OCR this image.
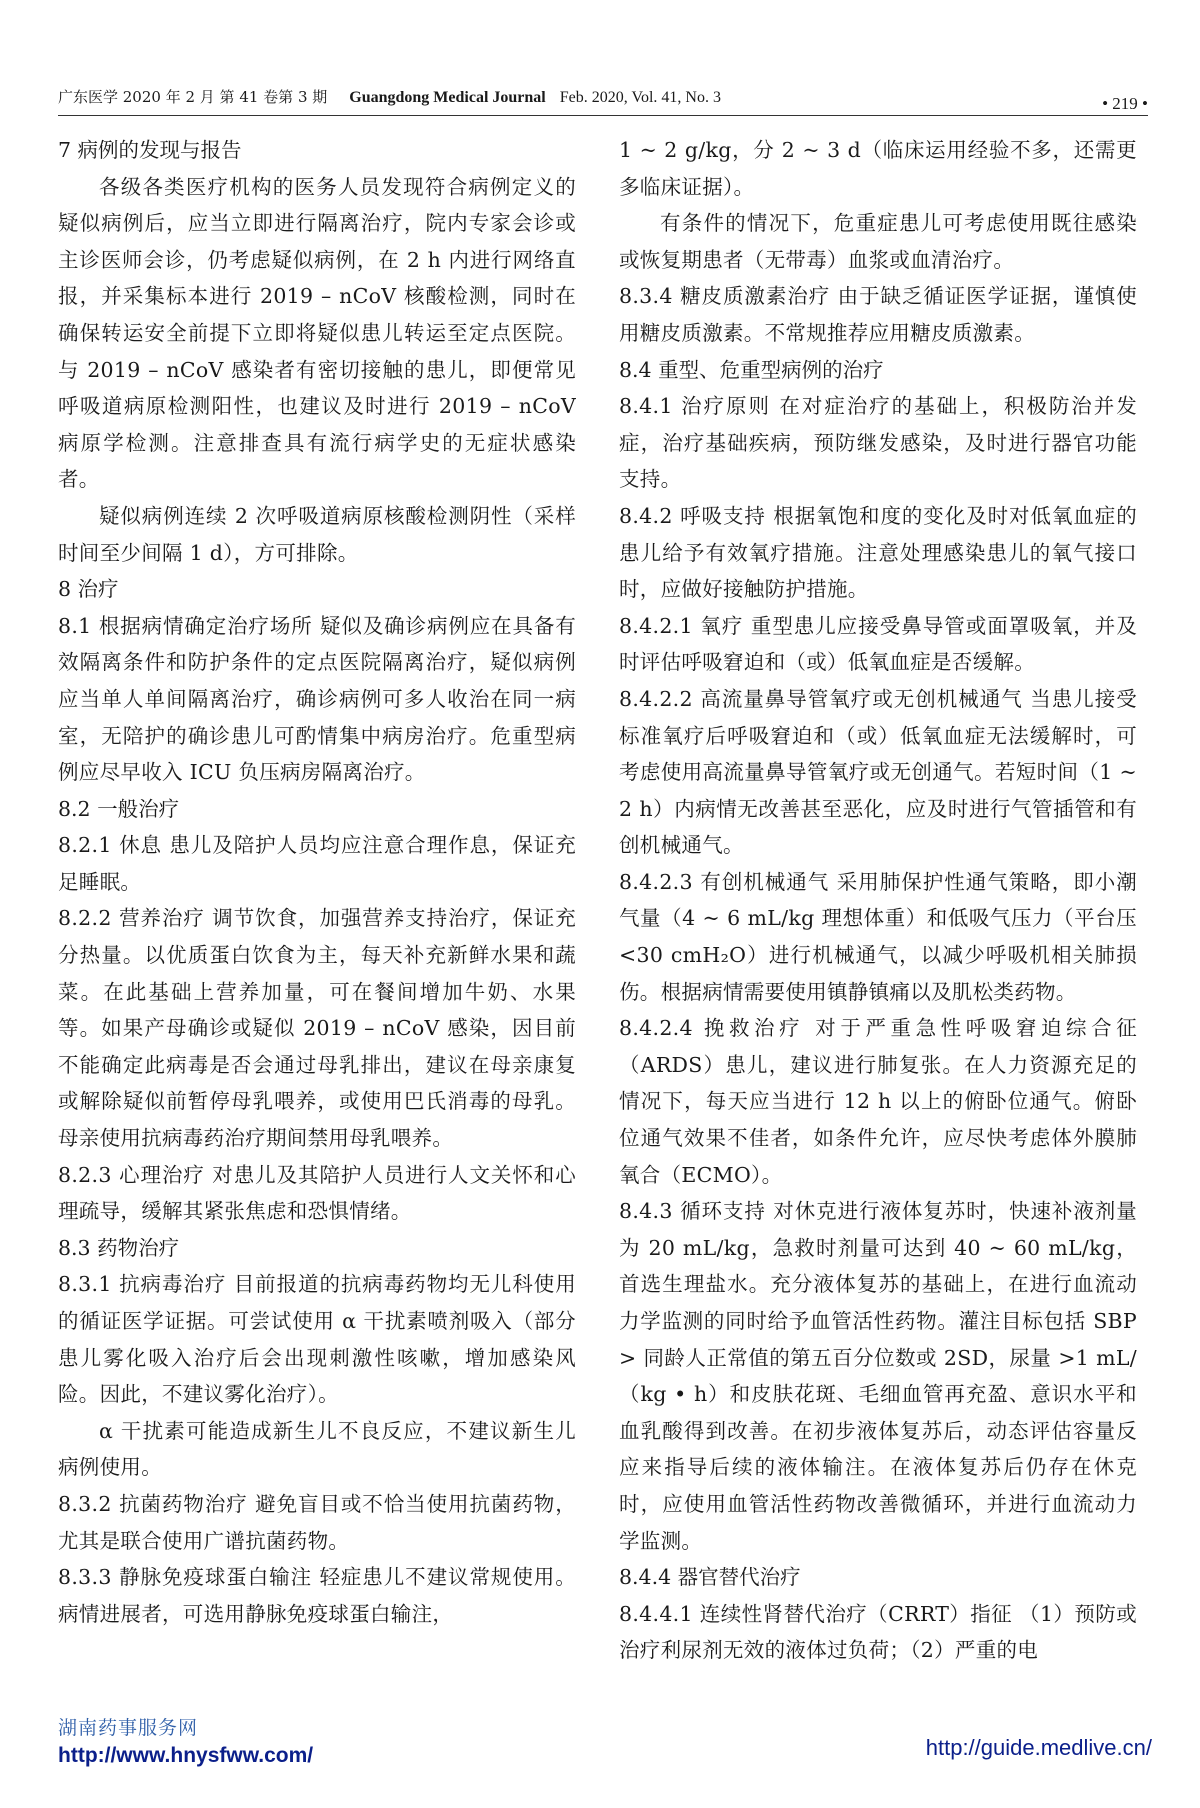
广东医学 2020 年 2 月 第 41 卷第 3 期 Guangdong Medical Journal Feb. 2020, Vol. 41, No. 3	• 219 •
7 病例的发现与报告
各级各类医疗机构的医务人员发现符合病例定义的疑似病例后，应当立即进行隔离治疗，院内专家会诊或主诊医师会诊，仍考虑疑似病例，在 2 h 内进行网络直报，并采集标本进行 2019 – nCoV 核酸检测，同时在确保转运安全前提下立即将疑似患儿转运至定点医院。与 2019 – nCoV 感染者有密切接触的患儿，即便常见呼吸道病原检测阳性，也建议及时进行 2019 – nCoV 病原学检测。注意排查具有流行病学史的无症状感染者。
疑似病例连续 2 次呼吸道病原核酸检测阴性（采样时间至少间隔 1 d），方可排除。
8 治疗
8.1 根据病情确定治疗场所 疑似及确诊病例应在具备有效隔离条件和防护条件的定点医院隔离治疗，疑似病例应当单人单间隔离治疗，确诊病例可多人收治在同一病室，无陪护的确诊患儿可酌情集中病房治疗。危重型病例应尽早收入 ICU 负压病房隔离治疗。
8.2 一般治疗
8.2.1 休息 患儿及陪护人员均应注意合理作息，保证充足睡眠。
8.2.2 营养治疗 调节饮食，加强营养支持治疗，保证充分热量。以优质蛋白饮食为主，每天补充新鲜水果和蔬菜。在此基础上营养加量，可在餐间增加牛奶、水果等。如果产母确诊或疑似 2019 – nCoV 感染，因目前不能确定此病毒是否会通过母乳排出，建议在母亲康复或解除疑似前暂停母乳喂养，或使用巴氏消毒的母乳。母亲使用抗病毒药治疗期间禁用母乳喂养。
8.2.3 心理治疗 对患儿及其陪护人员进行人文关怀和心理疏导，缓解其紧张焦虑和恐惧情绪。
8.3 药物治疗
8.3.1 抗病毒治疗 目前报道的抗病毒药物均无儿科使用的循证医学证据。可尝试使用 α 干扰素喷剂吸入（部分患儿雾化吸入治疗后会出现刺激性咳嗽，增加感染风险。因此，不建议雾化治疗）。
α 干扰素可能造成新生儿不良反应，不建议新生儿病例使用。
8.3.2 抗菌药物治疗 避免盲目或不恰当使用抗菌药物，尤其是联合使用广谱抗菌药物。
8.3.3 静脉免疫球蛋白输注 轻症患儿不建议常规使用。病情进展者，可选用静脉免疫球蛋白输注，
1 ~ 2 g/kg，分 2 ~ 3 d（临床运用经验不多，还需更多临床证据）。
有条件的情况下，危重症患儿可考虑使用既往感染或恢复期患者（无带毒）血浆或血清治疗。
8.3.4 糖皮质激素治疗 由于缺乏循证医学证据，谨慎使用糖皮质激素。不常规推荐应用糖皮质激素。
8.4 重型、危重型病例的治疗
8.4.1 治疗原则 在对症治疗的基础上，积极防治并发症，治疗基础疾病，预防继发感染，及时进行器官功能支持。
8.4.2 呼吸支持 根据氧饱和度的变化及时对低氧血症的患儿给予有效氧疗措施。注意处理感染患儿的氧气接口时，应做好接触防护措施。
8.4.2.1 氧疗 重型患儿应接受鼻导管或面罩吸氧，并及时评估呼吸窘迫和（或）低氧血症是否缓解。
8.4.2.2 高流量鼻导管氧疗或无创机械通气 当患儿接受标准氧疗后呼吸窘迫和（或）低氧血症无法缓解时，可考虑使用高流量鼻导管氧疗或无创通气。若短时间（1 ~ 2 h）内病情无改善甚至恶化，应及时进行气管插管和有创机械通气。
8.4.2.3 有创机械通气 采用肺保护性通气策略，即小潮气量（4 ~ 6 mL/kg 理想体重）和低吸气压力（平台压 <30 cmH₂O）进行机械通气，以减少呼吸机相关肺损伤。根据病情需要使用镇静镇痛以及肌松类药物。
8.4.2.4 挽救治疗 对于严重急性呼吸窘迫综合征（ARDS）患儿，建议进行肺复张。在人力资源充足的情况下，每天应当进行 12 h 以上的俯卧位通气。俯卧位通气效果不佳者，如条件允许，应尽快考虑体外膜肺氧合（ECMO）。
8.4.3 循环支持 对休克进行液体复苏时，快速补液剂量为 20 mL/kg，急救时剂量可达到 40 ~ 60 mL/kg，首选生理盐水。充分液体复苏的基础上，在进行血流动力学监测的同时给予血管活性药物。灌注目标包括 SBP > 同龄人正常值的第五百分位数或 2SD，尿量 >1 mL/（kg • h）和皮肤花斑、毛细血管再充盈、意识水平和血乳酸得到改善。在初步液体复苏后，动态评估容量反应来指导后续的液体输注。在液体复苏后仍存在休克时，应使用血管活性药物改善微循环，并进行血流动力学监测。
8.4.4 器官替代治疗
8.4.4.1 连续性肾替代治疗（CRRT）指征 （1）预防或治疗利尿剂无效的液体过负荷；（2）严重的电
湖南药事服务网
http://www.hnysfww.com/	http://guide.medlive.cn/
